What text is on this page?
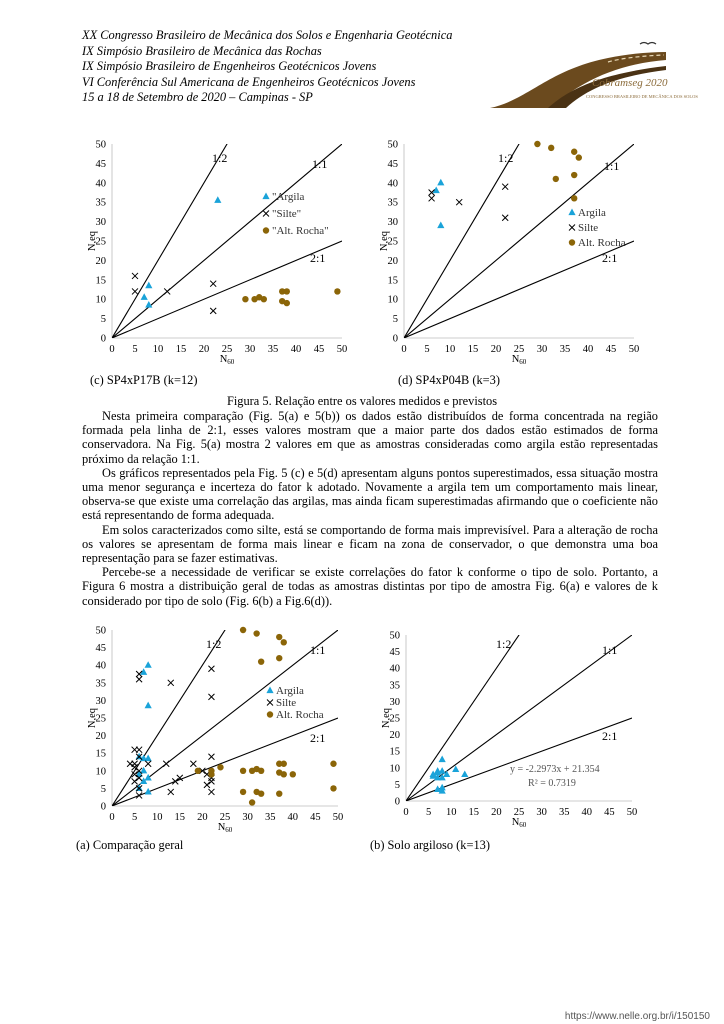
XX Congresso Brasileiro de Mecânica dos Solos e Engenharia Geotécnica
IX Simpósio Brasileiro de Mecânica das Rochas
IX Simpósio Brasileiro de Engenheiros Geotécnicos Jovens
VI Conferência Sul Americana de Engenheiros Geotécnicos Jovens
15 a 18 de Setembro de 2020 – Campinas - SP
Cobramseg 2020
CONGRESSO BRASILEIRO DE MECÂNICA DOS SOLOS
0 5 10 15 20 25 30 35 40 45 50
0
5
10
15
20
25
30
35
40
45
50
N60
N,eq
1:2	1:1
2:1
"Argila
"Silte"
"Alt. Rocha"
(c) SP4xP17B (k=12)
0 5 10 15 20 25 30 35 40 45 50
0
5
10
15
20
25
30
35
40
45
50
N60
N,eq
1:2
1:1
2:1
Argila
Silte
Alt. Rocha
(d) SP4xP04B (k=3)
Figura 5. Relação entre os valores medidos e previstos

Nesta primeira comparação (Fig. 5(a) e 5(b)) os dados estão distribuídos de forma concentrada na região formada pela linha de 2:1, esses valores mostram que a maior parte dos dados estão estimados de forma conservadora. Na Fig. 5(a) mostra 2 valores em que as amostras consideradas como argila estão representadas próximo da relação 1:1.

Os gráficos representados pela Fig. 5 (c) e 5(d) apresentam alguns pontos superestimados, essa situação mostra uma menor segurança e incerteza do fator k adotado. Novamente a argila tem um comportamento mais linear, observa-se que existe uma correlação das argilas, mas ainda ficam superestimadas afirmando que o coeficiente não está representando de forma adequada.

Em solos caracterizados como silte, está se comportando de forma mais imprevisível. Para a alteração de rocha os valores se apresentam de forma mais linear e ficam na zona de conservador, o que demonstra uma boa representação para se fazer estimativas.

Percebe-se a necessidade de verificar se existe correlações do fator k conforme o tipo de solo. Portanto, a Figura 6 mostra a distribuição geral de todas as amostras distintas por tipo de amostra Fig. 6(a) e valores de k considerado por tipo de solo (Fig. 6(b) a Fig.6(d)).

0 5 10 15 20 25 30 35 40 45 50
0
5
10
15
20
25
30
35
40
45
50
N60
N,eq
1:2	1:1
2:1
Argila
Silte
Alt. Rocha
(a) Comparação geral
0 5 10 15 20 25 30 35 40 45 50
0
5
10
15
20
25
30
35
40
45
50
N60
N,eq
1:2	1:1
2:1
y = -2.2973x + 21.354
R² = 0.7319
(b) Solo argiloso (k=13)
https://www.nelle.org.br/i/150150
